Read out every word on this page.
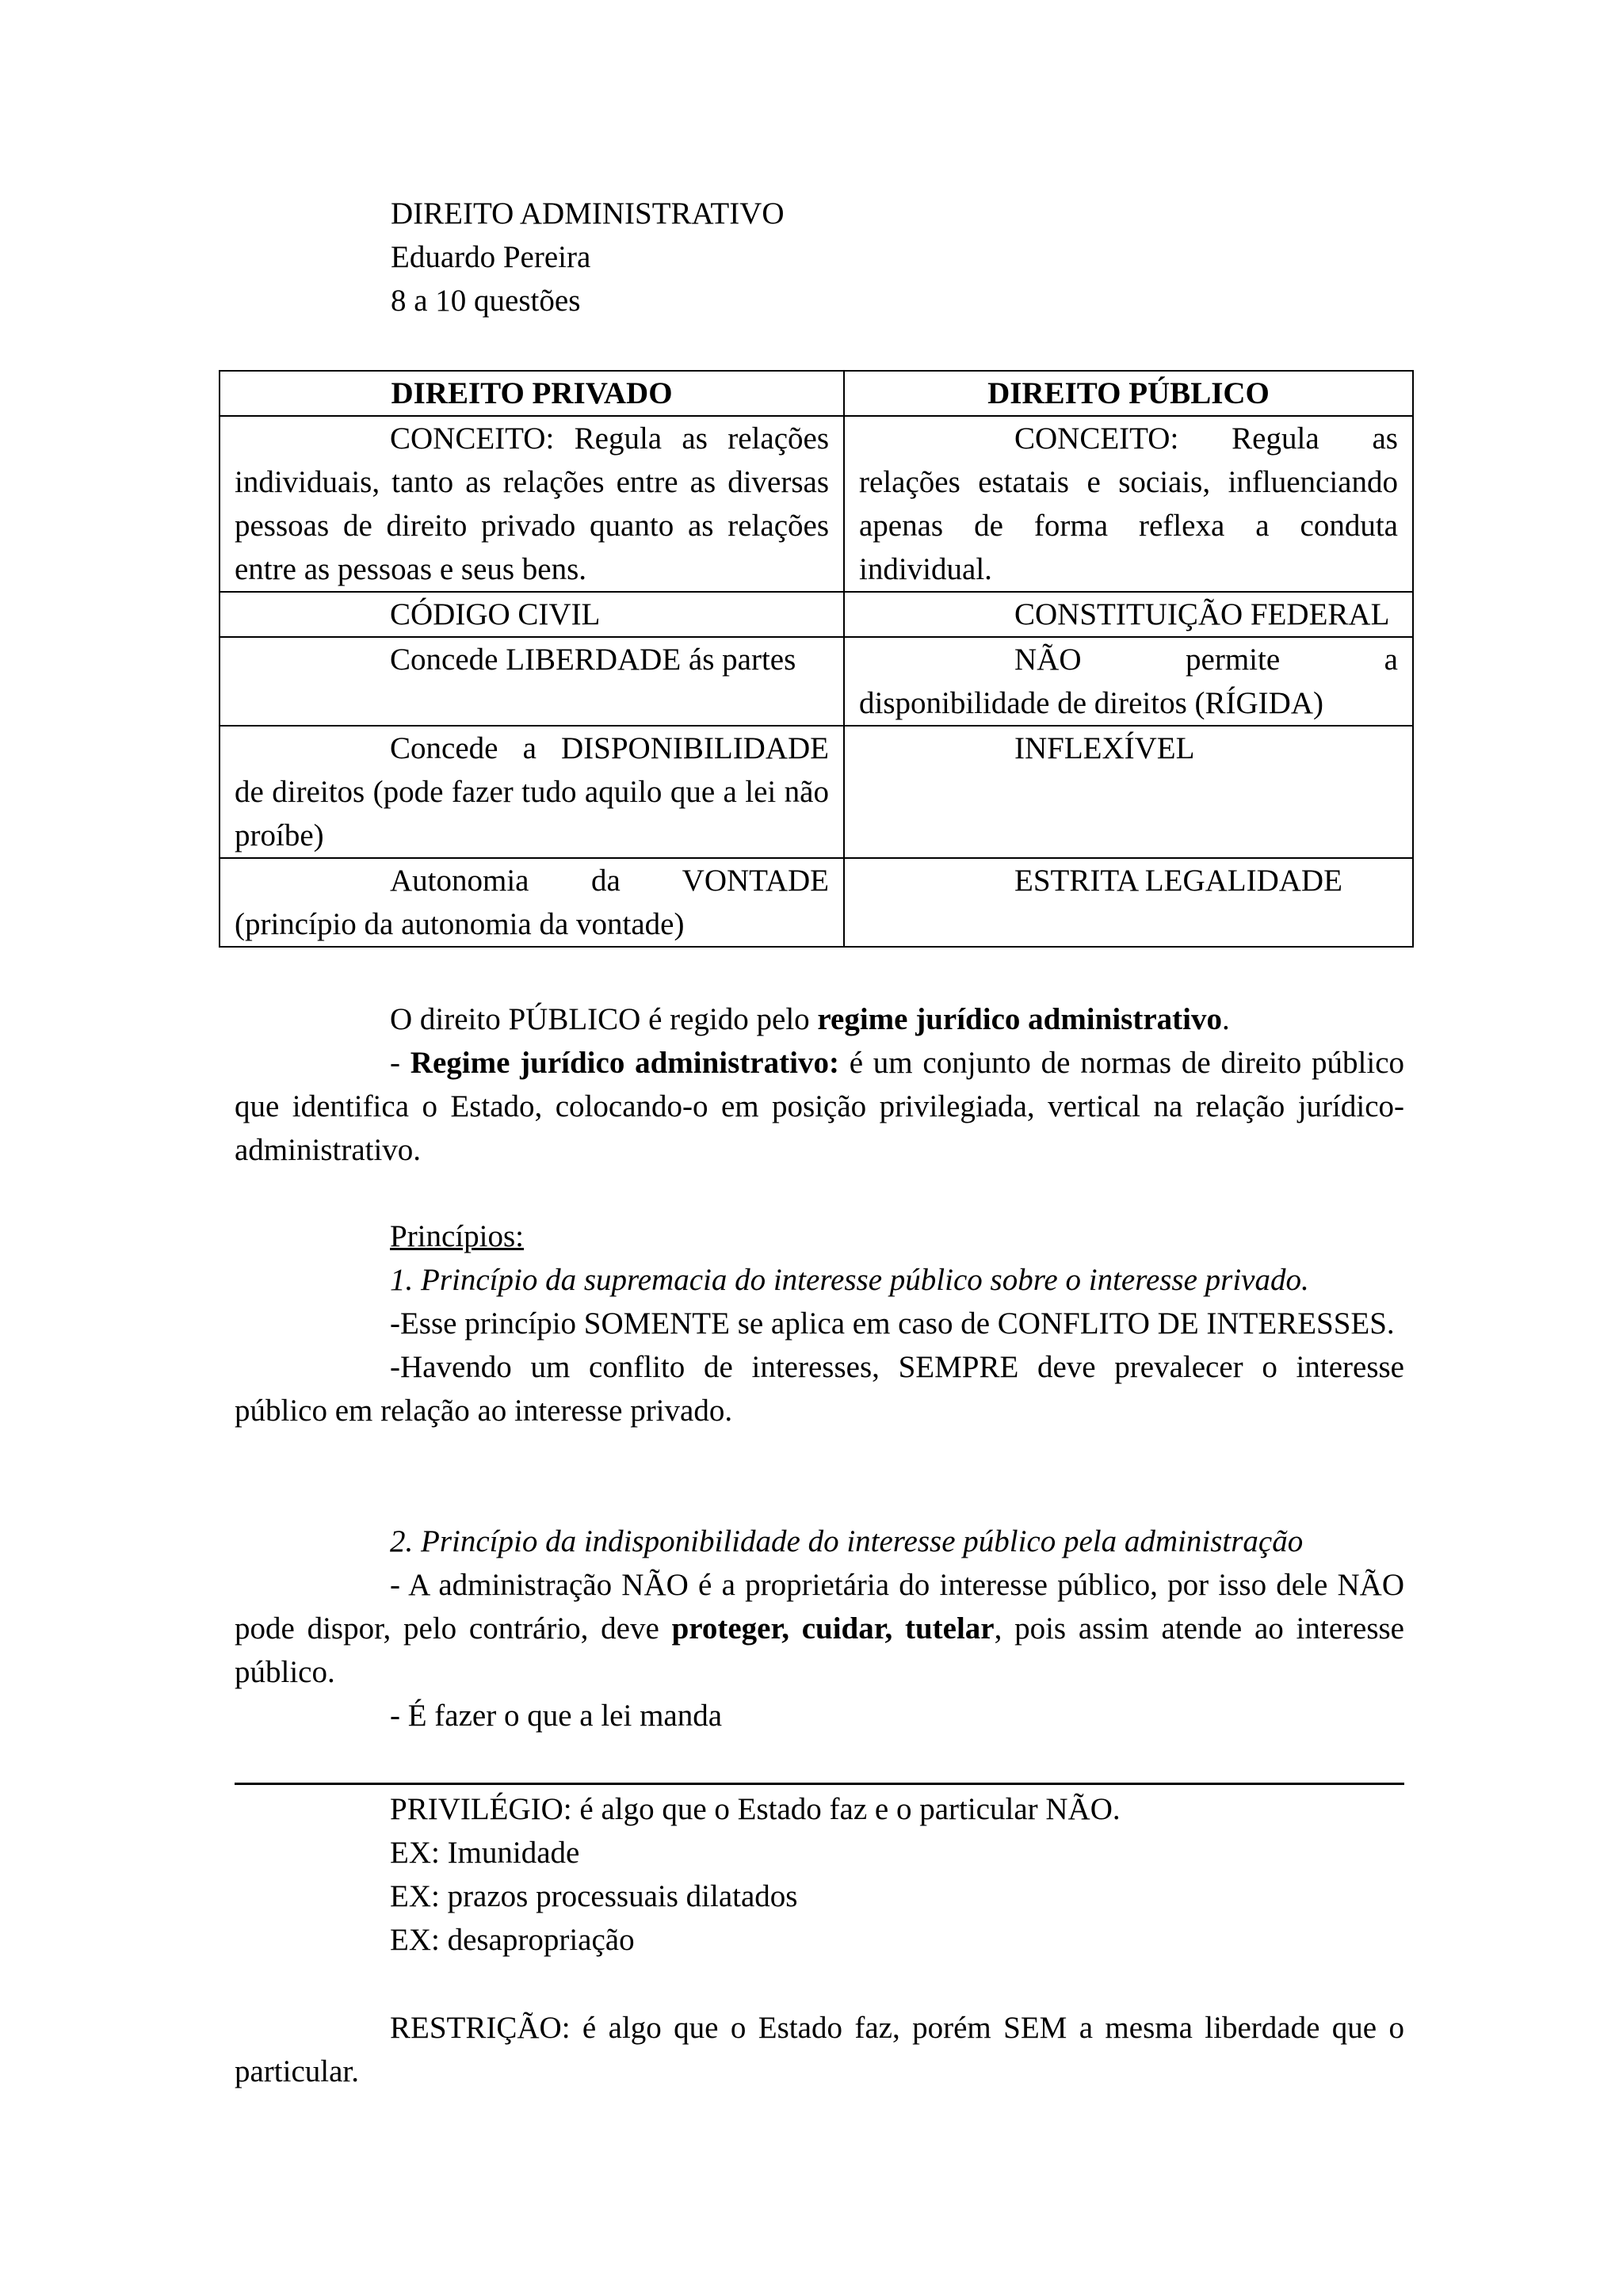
DIREITO ADMINISTRATIVO
Eduardo Pereira
8 a 10 questões
DIREITO PRIVADO	DIREITO PÚBLICO
CONCEITO: Regula as relações individuais, tanto as relações entre as diversas pessoas de direito privado quanto as relações entre as pessoas e seus bens.	CONCEITO: Regula as relações estatais e sociais, influenciando apenas de forma reflexa a conduta individual.
CÓDIGO CIVIL	CONSTITUIÇÃO FEDERAL
Concede LIBERDADE ás partes	NÃO permite a disponibilidade de direitos (RÍGIDA)
Concede a DISPONIBILIDADE de direitos (pode fazer tudo aquilo que a lei não proíbe)	INFLEXÍVEL
Autonomia da VONTADE (princípio da autonomia da vontade)	ESTRITA LEGALIDADE

O direito PÚBLICO é regido pelo regime jurídico administrativo.

- Regime jurídico administrativo: é um conjunto de normas de direito público que identifica o Estado, colocando-o em posição privilegiada, vertical na relação jurídico-administrativo.

Princípios:

1. Princípio da supremacia do interesse público sobre o interesse privado.

-Esse princípio SOMENTE se aplica em caso de CONFLITO DE INTERESSES.

-Havendo um conflito de interesses, SEMPRE deve prevalecer o interesse público em relação ao interesse privado.

2. Princípio da indisponibilidade do interesse público pela administração

- A administração NÃO é a proprietária do interesse público, por isso dele NÃO pode dispor, pelo contrário, deve proteger, cuidar, tutelar, pois assim atende ao interesse público.

- É fazer o que a lei manda

PRIVILÉGIO: é algo que o Estado faz e o particular NÃO.

EX: Imunidade

EX: prazos processuais dilatados

EX: desapropriação

RESTRIÇÃO: é algo que o Estado faz, porém SEM a mesma liberdade que o particular.
